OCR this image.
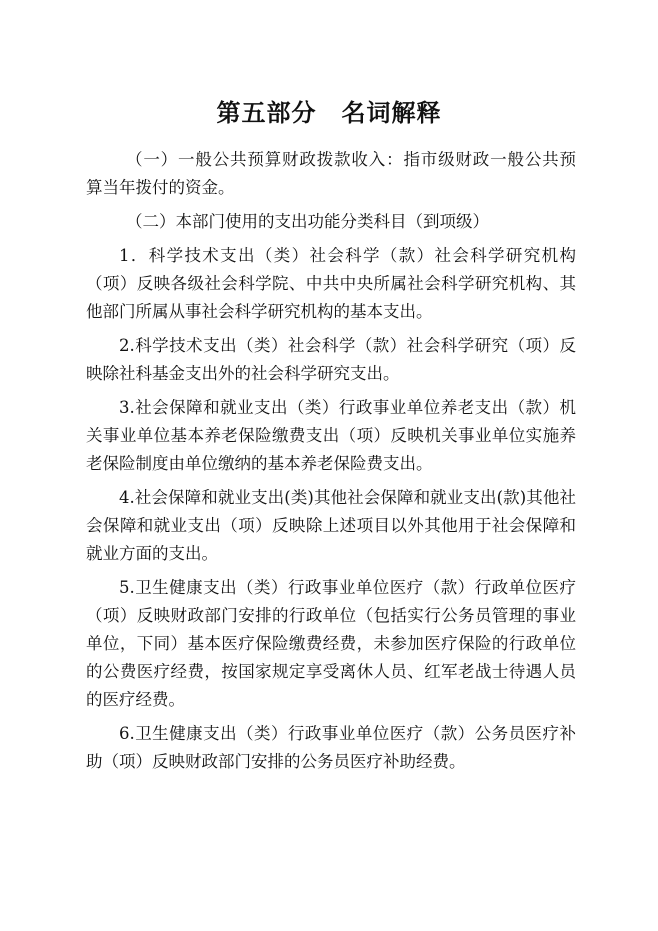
第五部分　名词解释

（一）一般公共预算财政拨款收入：指市级财政一般公共预 算当年拨付的资金。

（二）本部门使用的支出功能分类科目（到项级）

1．科学技术支出（类）社会科学（款）社会科学研究机构（项）反映各级社会科学院、中共中央所属社会科学研究机构、其他部门所属从事社会科学研究机构的基本支出。

2.科学技术支出（类）社会科学（款）社会科学研究（项）反映除社科基金支出外的社会科学研究支出。

3.社会保障和就业支出（类）行政事业单位养老支出（款）机关事业单位基本养老保险缴费支出（项）反映机关事业单位实施养老保险制度由单位缴纳的基本养老保险费支出。

4.社会保障和就业支出(类)其他社会保障和就业支出(款)其他社会保障和就业支出（项）反映除上述项目以外其他用于社会保障和就业方面的支出。

5.卫生健康支出（类）行政事业单位医疗（款）行政单位医疗（项）反映财政部门安排的行政单位（包括实行公务员管理的事业单位，下同）基本医疗保险缴费经费，未参加医疗保险的行政单位的公费医疗经费，按国家规定享受离休人员、红军老战士待遇人员的医疗经费。

6.卫生健康支出（类）行政事业单位医疗（款）公务员医疗补助（项）反映财政部门安排的公务员医疗补助经费。
